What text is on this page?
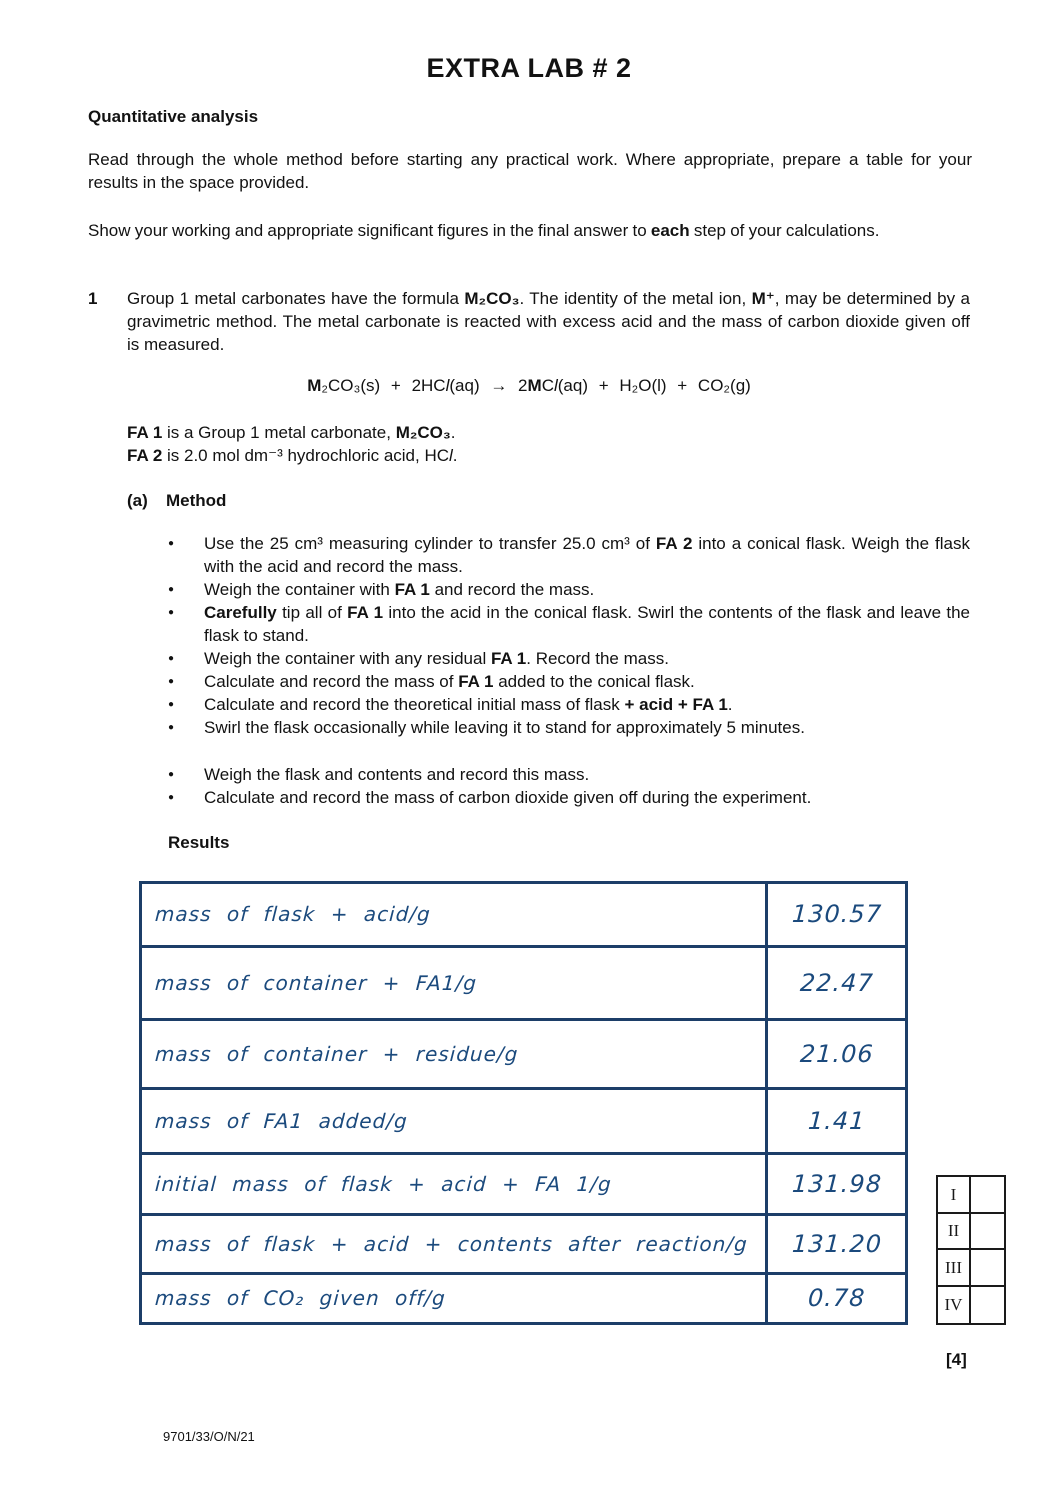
EXTRA LAB # 2
Quantitative analysis
Read through the whole method before starting any practical work. Where appropriate, prepare a table for your results in the space provided.
Show your working and appropriate significant figures in the final answer to each step of your calculations.
1 Group 1 metal carbonates have the formula M₂CO₃. The identity of the metal ion, M⁺, may be determined by a gravimetric method. The metal carbonate is reacted with excess acid and the mass of carbon dioxide given off is measured.
M₂CO₃(s) + 2HCl(aq) → 2MCl(aq) + H₂O(l) + CO₂(g)
FA 1 is a Group 1 metal carbonate, M₂CO₃.
FA 2 is 2.0 mol dm⁻³ hydrochloric acid, HCl.
(a) Method
●	Use the 25 cm³ measuring cylinder to transfer 25.0 cm³ of FA 2 into a conical flask. Weigh the flask with the acid and record the mass.
●	Weigh the container with FA 1 and record the mass.
●	Carefully tip all of FA 1 into the acid in the conical flask. Swirl the contents of the flask and leave the flask to stand.
●	Weigh the container with any residual FA 1. Record the mass.
●	Calculate and record the mass of FA 1 added to the conical flask.
●	Calculate and record the theoretical initial mass of flask + acid + FA 1.
●	Swirl the flask occasionally while leaving it to stand for approximately 5 minutes.
●	Weigh the flask and contents and record this mass.
●	Calculate and record the mass of carbon dioxide given off during the experiment.
Results
mass of flask + acid/g	130.57
mass of container + FA1/g	22.47
mass of container + residue/g	21.06
mass of FA1 added/g	1.41
initial mass of flask + acid + FA 1/g	131.98
mass of flask + acid + contents after reaction/g 131.20
mass of CO₂ given off/g	0.78
I
II
III
IV
[4]
9701/33/O/N/21
